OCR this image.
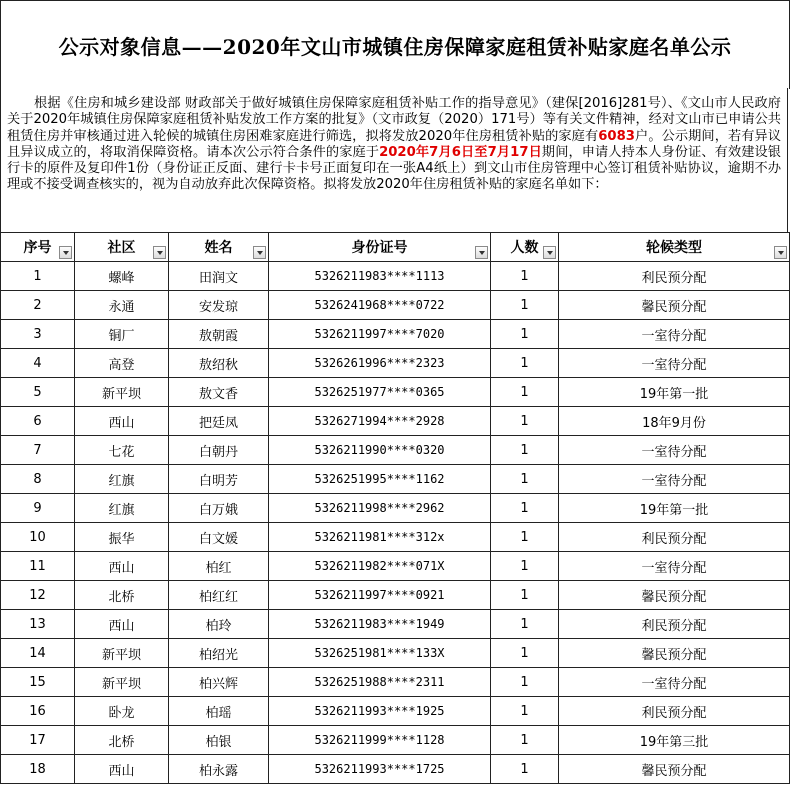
公示对象信息——2020年文山市城镇住房保障家庭租赁补贴家庭名单公示

根据《住房和城乡建设部 财政部关于做好城镇住房保障家庭租赁补贴工作的指导意见》（建保[2016]281号）、《文山市人民政府关于2020年城镇住房保障家庭租赁补贴发放工作方案的批复》（文市政复（2020）171号）等有关文件精神，经对文山市已申请公共租赁住房并审核通过进入轮候的城镇住房困难家庭进行筛选，拟将发放2020年住房租赁补贴的家庭有6083户。公示期间，若有异议且异议成立的，将取消保障资格。请本次公示符合条件的家庭于2020年7月6日至7月17日期间，申请人持本人身份证、有效建设银行卡的原件及复印件1份（身份证正反面、建行卡卡号正面复印在一张A4纸上）到文山市住房管理中心签订租赁补贴协议，逾期不办理或不接受调查核实的，视为自动放弃此次保障资格。拟将发放2020年住房租赁补贴的家庭名单如下：

序号	社区	姓名	身份证号	人数	轮候类型

1	螺峰	田润文	5326211983****1113	1	利民预分配
2	永通	安发琼	5326241968****0722	1	馨民预分配
3	铜厂	敖朝霞	5326211997****7020	1	一室待分配
4	高登	敖绍秋	5326261996****2323	1	一室待分配
5	新平坝	敖文香	5326251977****0365	1	19年第一批
6	西山	把廷凤	5326271994****2928	1	18年9月份
7	七花	白朝丹	5326211990****0320	1	一室待分配
8	红旗	白明芳	5326251995****1162	1	一室待分配
9	红旗	白万娥	5326211998****2962	1	19年第一批
10	振华	白文媛	5326211981****312x	1	利民预分配
11	西山	柏红	5326211982****071X	1	一室待分配
12	北桥	柏红红	5326211997****0921	1	馨民预分配
13	西山	柏玲	5326211983****1949	1	利民预分配
14	新平坝	柏绍光	5326251981****133X	1	馨民预分配
15	新平坝	柏兴辉	5326251988****2311	1	一室待分配
16	卧龙	柏瑶	5326211993****1925	1	利民预分配
17	北桥	柏银	5326211999****1128	1	19年第三批
18	西山	柏永露	5326211993****1725	1	馨民预分配
